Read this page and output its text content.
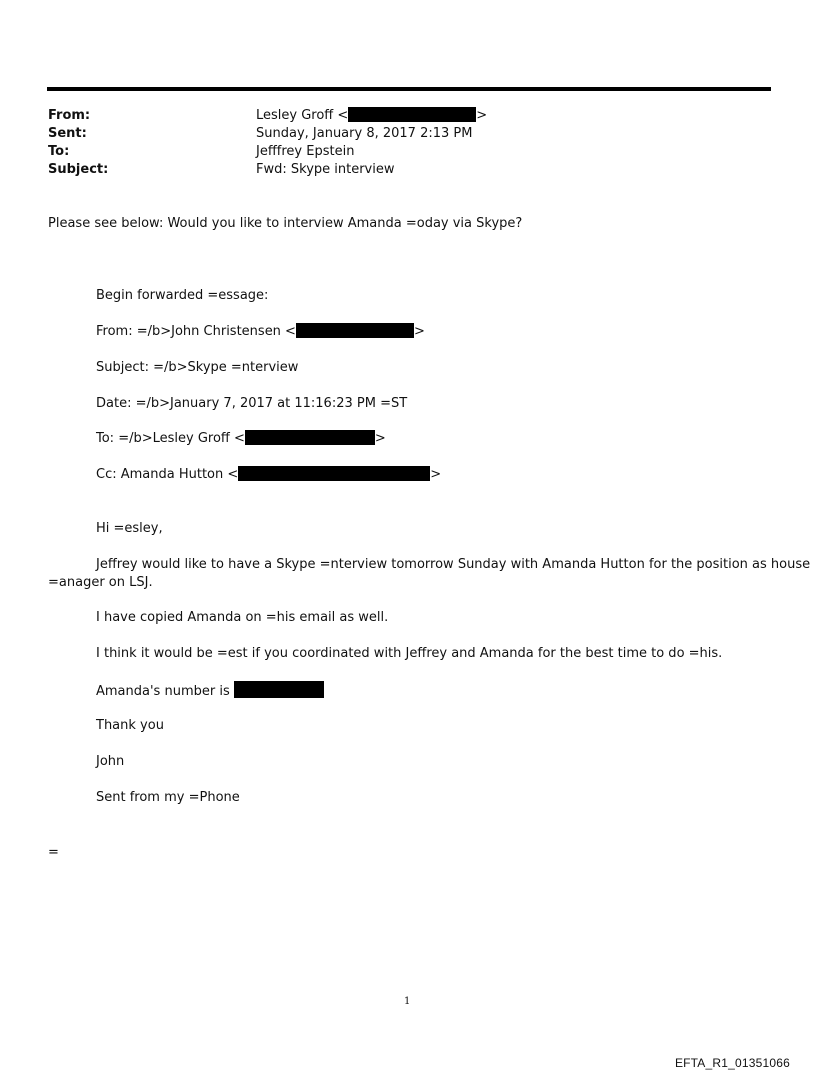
From:	Lesley Groff <	>
Sent:	Sunday, January 8, 2017 2:13 PM
To:	Jefffrey Epstein
Subject:	Fwd: Skype interview
Please see below: Would you like to interview Amanda =oday via Skype?
Begin forwarded =essage:
From: =/b>John Christensen <	>
Subject: =/b>Skype =nterview
Date: =/b>January 7, 2017 at 11:16:23 PM =ST
To: =/b>Lesley Groff <	>
Cc: Amanda Hutton <	>
Hi =esley,
Jeffrey would like to have a Skype =nterview tomorrow Sunday with Amanda Hutton for the position as house
=anager on LSJ.
I have copied Amanda on =his email as well.
I think it would be =est if you coordinated with Jeffrey and Amanda for the best time to do =his.
Amanda's number is
Thank you
John
Sent from my =Phone
=
1
EFTA_R1_01351066
